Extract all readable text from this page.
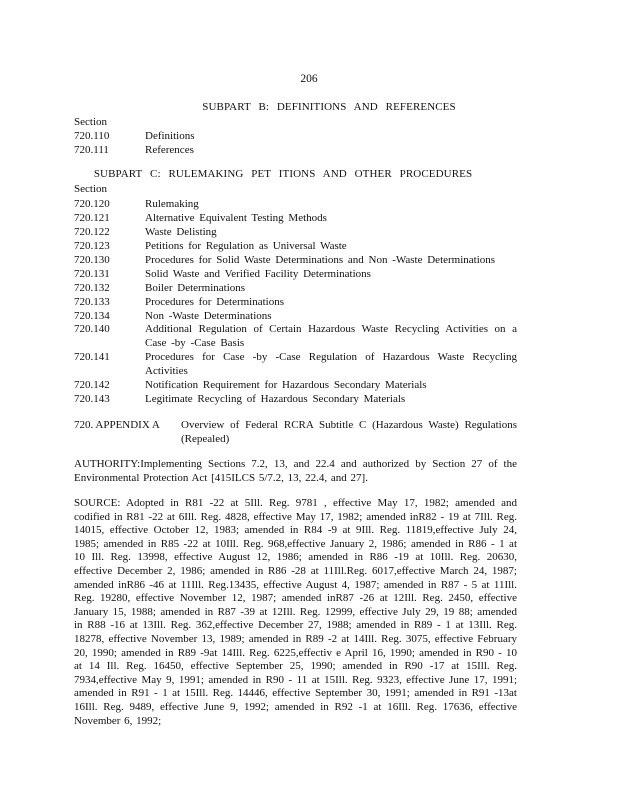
206
SUBPART B: DEFINITIONS AND REFERENCES
Section
720.110	Definitions
720.111	References
SUBPART C: RULEMAKING PET ITIONS AND OTHER PROCEDURES
Section
720.120	Rulemaking
720.121	Alternative Equivalent Testing Methods
720.122	Waste Delisting
720.123	Petitions for Regulation as Universal Waste
720.130	Procedures for Solid Waste Determinations and Non -Waste Determinations
720.131	Solid Waste and Verified Facility Determinations
720.132	Boiler Determinations
720.133	Procedures for Determinations
720.134	Non -Waste Determinations
720.140	Additional Regulation of Certain Hazardous Waste Recycling Activities on a Case -by -Case Basis
720.141	Procedures for Case -by -Case Regulation of Hazardous Waste Recycling Activities
720.142	Notification Requirement for Hazardous Secondary Materials
720.143	Legitimate Recycling of Hazardous Secondary Materials
720. APPENDIX A	Overview of Federal RCRA Subtitle C (Hazardous Waste) Regulations (Repealed)
AUTHORITY:Implementing Sections 7.2, 13, and 22.4 and authorized by Section 27 of the Environmental Protection Act [415ILCS 5/7.2, 13, 22.4, and 27].
SOURCE: Adopted in R81 -22 at 5Ill. Reg. 9781 , effective May 17, 1982; amended and codified in R81 -22 at 6Ill. Reg. 4828, effective May 17, 1982; amended inR82 - 19 at 7Ill. Reg. 14015, effective October 12, 1983; amended in R84 -9 at 9Ill. Reg. 11819,effective July 24, 1985; amended in R85 -22 at 10Ill. Reg. 968,effective January 2, 1986; amended in R86 - 1 at 10 Ill. Reg. 13998, effective August 12, 1986; amended in R86 -19 at 10Ill. Reg. 20630, effective December 2, 1986; amended in R86 -28 at 11Ill.Reg. 6017,effective March 24, 1987; amended inR86 -46 at 11Ill. Reg.13435, effective August 4, 1987; amended in R87 - 5 at 11Ill. Reg. 19280, effective November 12, 1987; amended inR87 -26 at 12Ill. Reg. 2450, effective January 15, 1988; amended in R87 -39 at 12Ill. Reg. 12999, effective July 29, 19 88; amended in R88 -16 at 13Ill. Reg. 362,effective December 27, 1988; amended in R89 - 1 at 13Ill. Reg. 18278, effective November 13, 1989; amended in R89 -2 at 14Ill. Reg. 3075, effective February 20, 1990; amended in R89 -9at 14Ill. Reg. 6225,effectiv e April 16, 1990; amended in R90 - 10 at 14 Ill. Reg. 16450, effective September 25, 1990; amended in R90 -17 at 15Ill. Reg. 7934,effective May 9, 1991; amended in R90 - 11 at 15Ill. Reg. 9323, effective June 17, 1991; amended in R91 - 1 at 15Ill. Reg. 14446, effective September 30, 1991; amended in R91 -13at 16Ill. Reg. 9489, effective June 9, 1992; amended in R92 -1 at 16Ill. Reg. 17636, effective November 6, 1992;
